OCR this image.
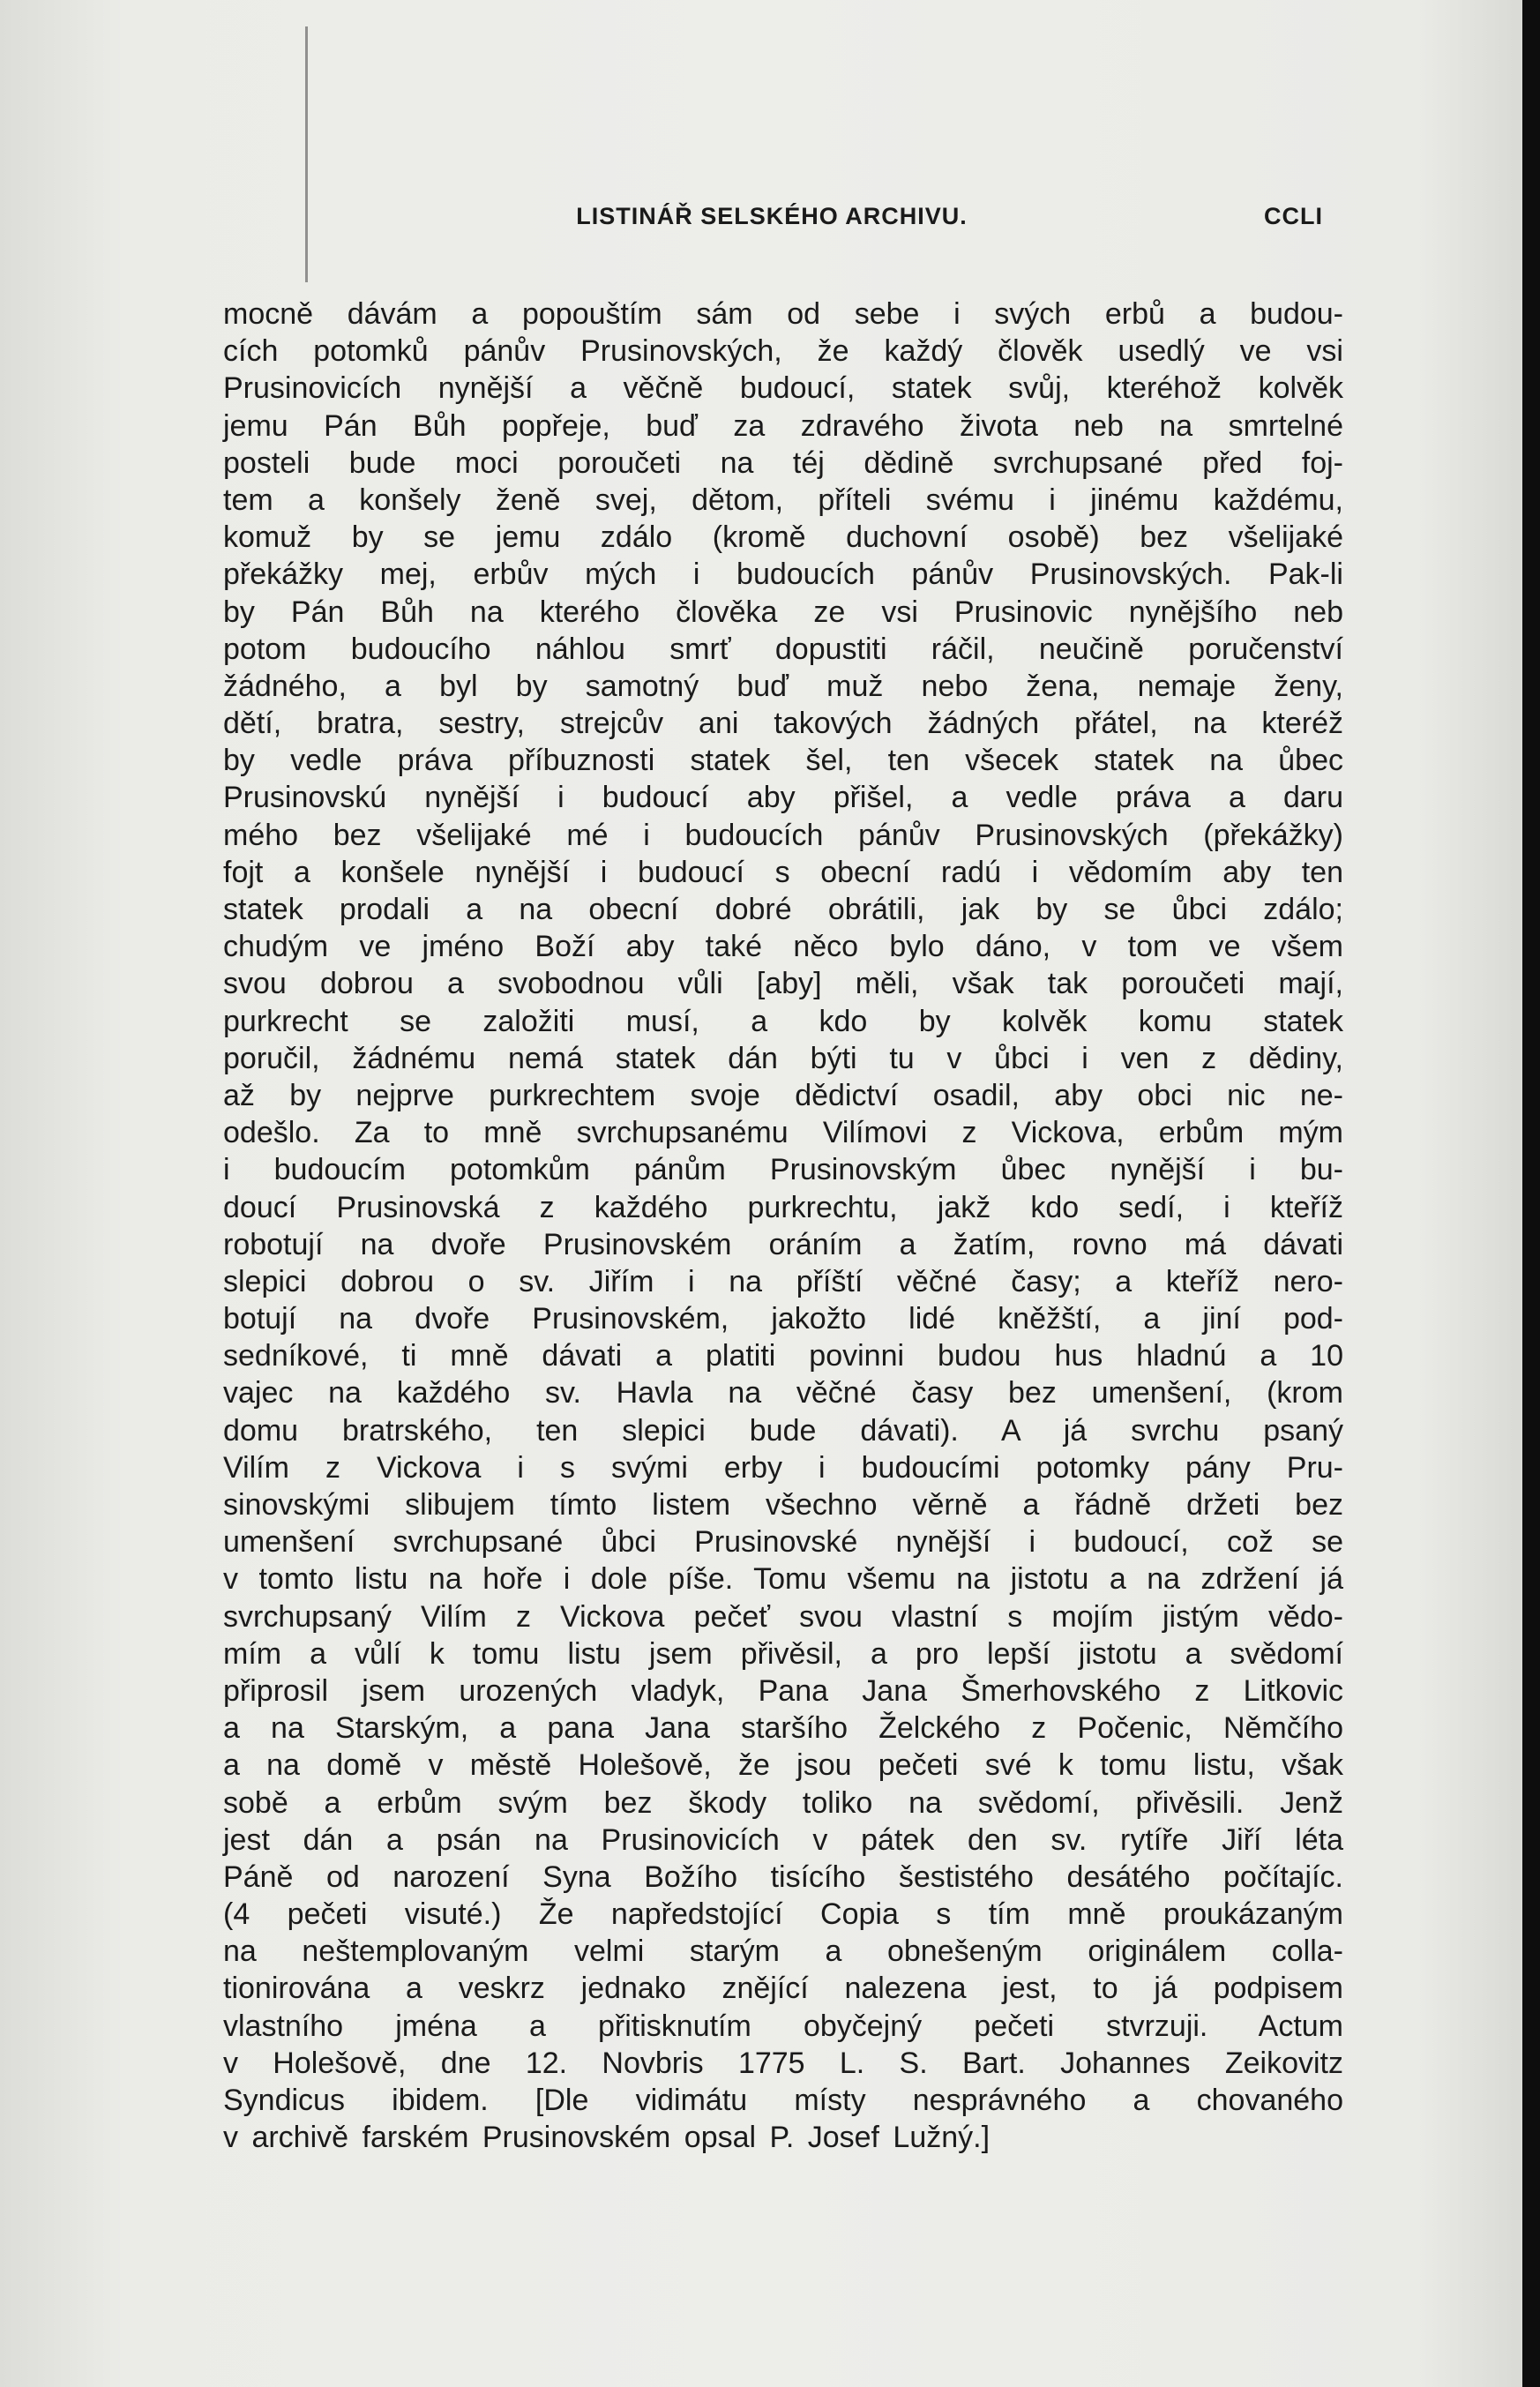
LISTINÁŘ SELSKÉHO ARCHIVU.	CCLI
mocně dávám a popouštím sám od sebe i svých erbů a budou-
cích potomků pánův Prusinovských, že každý člověk usedlý ve vsi
Prusinovicích nynější a věčně budoucí, statek svůj, kteréhož kolvěk
jemu Pán Bůh popřeje, buď za zdravého života neb na smrtelné
posteli bude moci poroučeti na téj dědině svrchupsané před foj-
tem a konšely ženě svej, dětom, příteli svému i jinému každému,
komuž by se jemu zdálo (kromě duchovní osobě) bez všelijaké
překážky mej, erbův mých i budoucích pánův Prusinovských. Pak-li
by Pán Bůh na kterého člověka ze vsi Prusinovic nynějšího neb
potom budoucího náhlou smrť dopustiti ráčil, neučině poručenství
žádného, a byl by samotný buď muž nebo žena, nemaje ženy,
dětí, bratra, sestry, strejcův ani takových žádných přátel, na kteréž
by vedle práva příbuznosti statek šel, ten všecek statek na ůbec
Prusinovskú nynější i budoucí aby přišel, a vedle práva a daru
mého bez všelijaké mé i budoucích pánův Prusinovských (překážky)
fojt a konšele nynější i budoucí s obecní radú i vědomím aby ten
statek prodali a na obecní dobré obrátili, jak by se ůbci zdálo;
chudým ve jméno Boží aby také něco bylo dáno, v tom ve všem
svou dobrou a svobodnou vůli [aby] měli, však tak poroučeti mají,
purkrecht se založiti musí, a kdo by kolvěk komu statek
poručil, žádnému nemá statek dán býti tu v ůbci i ven z dědiny,
až by nejprve purkrechtem svoje dědictví osadil, aby obci nic ne-
odešlo. Za to mně svrchupsanému Vilímovi z Vickova, erbům mým
i budoucím potomkům pánům Prusinovským ůbec nynější i bu-
doucí Prusinovská z každého purkrechtu, jakž kdo sedí, i kteříž
robotují na dvoře Prusinovském oráním a žatím, rovno má dávati
slepici dobrou o sv. Jiřím i na příští věčné časy; a kteříž nero-
botují na dvoře Prusinovském, jakožto lidé kněžští, a jiní pod-
sedníkové, ti mně dávati a platiti povinni budou hus hladnú a 10
vajec na každého sv. Havla na věčné časy bez umenšení, (krom
domu bratrského, ten slepici bude dávati). A já svrchu psaný
Vilím z Vickova i s svými erby i budoucími potomky pány Pru-
sinovskými slibujem tímto listem všechno věrně a řádně držeti bez
umenšení svrchupsané ůbci Prusinovské nynější i budoucí, což se
v tomto listu na hoře i dole píše. Tomu všemu na jistotu a na zdržení já
svrchupsaný Vilím z Vickova pečeť svou vlastní s mojím jistým vědo-
mím a vůlí k tomu listu jsem přivěsil, a pro lepší jistotu a svědomí
připrosil jsem urozených vladyk, Pana Jana Šmerhovského z Litkovic
a na Starským, a pana Jana staršího Želckého z Počenic, Němčího
a na domě v městě Holešově, že jsou pečeti své k tomu listu, však
sobě a erbům svým bez škody toliko na svědomí, přivěsili. Jenž
jest dán a psán na Prusinovicích v pátek den sv. rytíře Jiří léta
Páně od narození Syna Božího tisícího šestistého desátého počítajíc.
(4 pečeti visuté.) Že napředstojící Copia s tím mně proukázaným
na neštemplovaným velmi starým a obnešeným originálem colla-
tionirována a veskrz jednako znějící nalezena jest, to já podpisem
vlastního jména a přitisknutím obyčejný pečeti stvrzuji. Actum
v Holešově, dne 12. Novbris 1775 L. S. Bart. Johannes Zeikovitz
Syndicus ibidem. [Dle vidimátu místy nesprávného a chovaného
v archivě farském Prusinovském opsal P. Josef Lužný.]
